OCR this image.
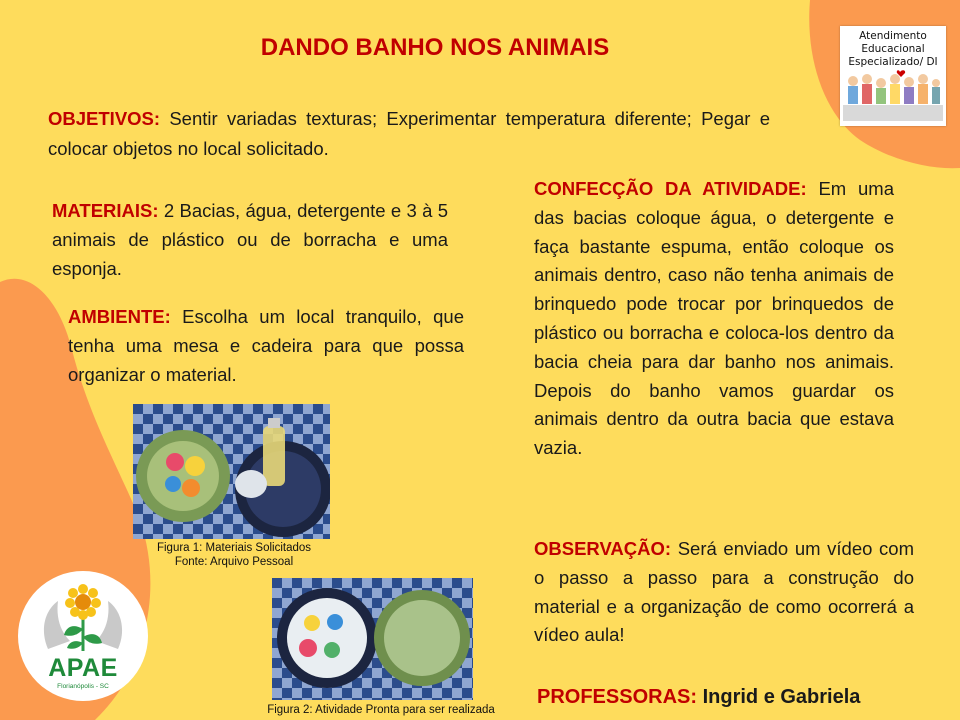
DANDO BANHO NOS ANIMAIS	Atendimento
Educacional
Especializado/ DI
OBJETIVOS: Sentir variadas texturas; Experimentar temperatura diferente; Pegar e colocar objetos no local solicitado.
MATERIAIS: 2 Bacias, água, detergente e 3 à 5 animais de plástico ou de borracha e uma esponja.
AMBIENTE: Escolha um local tranquilo, que tenha uma mesa e cadeira para que possa organizar o material.
CONFECÇÃO DA ATIVIDADE: Em uma das bacias coloque água, o detergente e faça bastante espuma, então coloque os animais dentro, caso não tenha animais de brinquedo pode trocar por brinquedos de plástico ou borracha e coloca-los dentro da bacia cheia para dar banho nos animais. Depois do banho vamos guardar os animais dentro da outra bacia que estava vazia.
OBSERVAÇÃO: Será enviado um vídeo com o passo a passo para a construção do material e a organização de como ocorrerá a vídeo aula!
Figura 1: Materiais Solicitados
Fonte: Arquivo Pessoal
Figura 2: Atividade Pronta para ser realizada
APAE
Florianópolis - SC	PROFESSORAS: Ingrid e Gabriela
